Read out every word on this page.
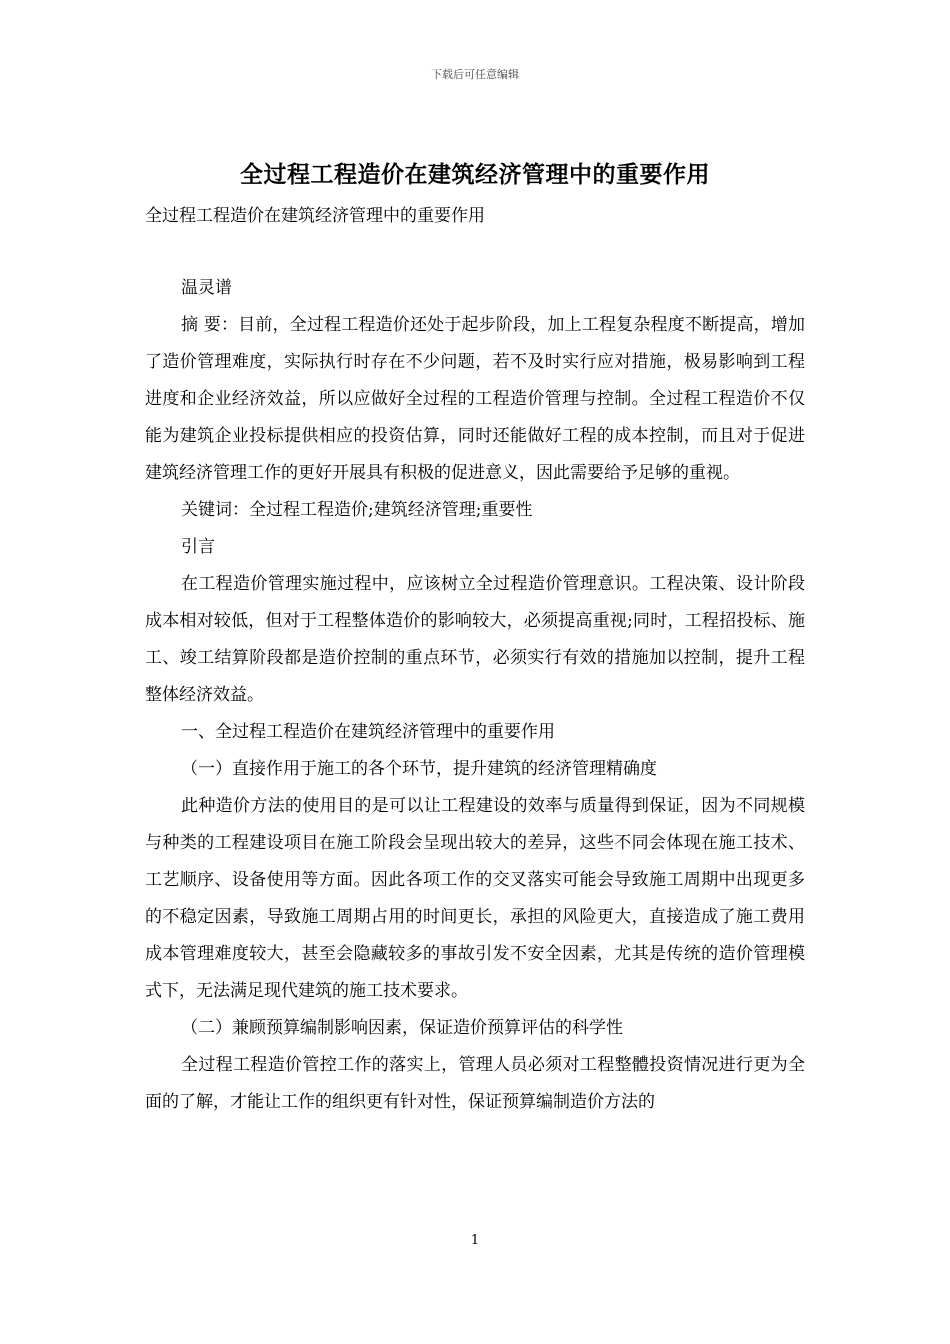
下载后可任意编辑
全过程工程造价在建筑经济管理中的重要作用
全过程工程造价在建筑经济管理中的重要作用

温灵谱

摘 要：目前，全过程工程造价还处于起步阶段，加上工程复杂程度不断提高，增加了造价管理难度，实际执行时存在不少问题，若不及时实行应对措施，极易影响到工程进度和企业经济效益，所以应做好全过程的工程造价管理与控制。全过程工程造价不仅能为建筑企业投标提供相应的投资估算，同时还能做好工程的成本控制，而且对于促进建筑经济管理工作的更好开展具有积极的促进意义，因此需要给予足够的重视。

关键词：全过程工程造价;建筑经济管理;重要性

引言

在工程造价管理实施过程中，应该树立全过程造价管理意识。工程决策、设计阶段成本相对较低，但对于工程整体造价的影响较大，必须提高重视;同时，工程招投标、施工、竣工结算阶段都是造价控制的重点环节，必须实行有效的措施加以控制，提升工程整体经济效益。

一、全过程工程造价在建筑经济管理中的重要作用

（一）直接作用于施工的各个环节，提升建筑的经济管理精确度

此种造价方法的使用目的是可以让工程建设的效率与质量得到保证，因为不同规模与种类的工程建设项目在施工阶段会呈现出较大的差异，这些不同会体现在施工技术、工艺顺序、设备使用等方面。因此各项工作的交叉落实可能会导致施工周期中出现更多的不稳定因素，导致施工周期占用的时间更长，承担的风险更大，直接造成了施工费用成本管理难度较大，甚至会隐藏较多的事故引发不安全因素，尤其是传统的造价管理模式下，无法满足现代建筑的施工技术要求。

（二）兼顾预算编制影响因素，保证造价预算评估的科学性

全过程工程造价管控工作的落实上，管理人员必须对工程整體投资情况进行更为全面的了解，才能让工作的组织更有针对性，保证预算编制造价方法的

1
